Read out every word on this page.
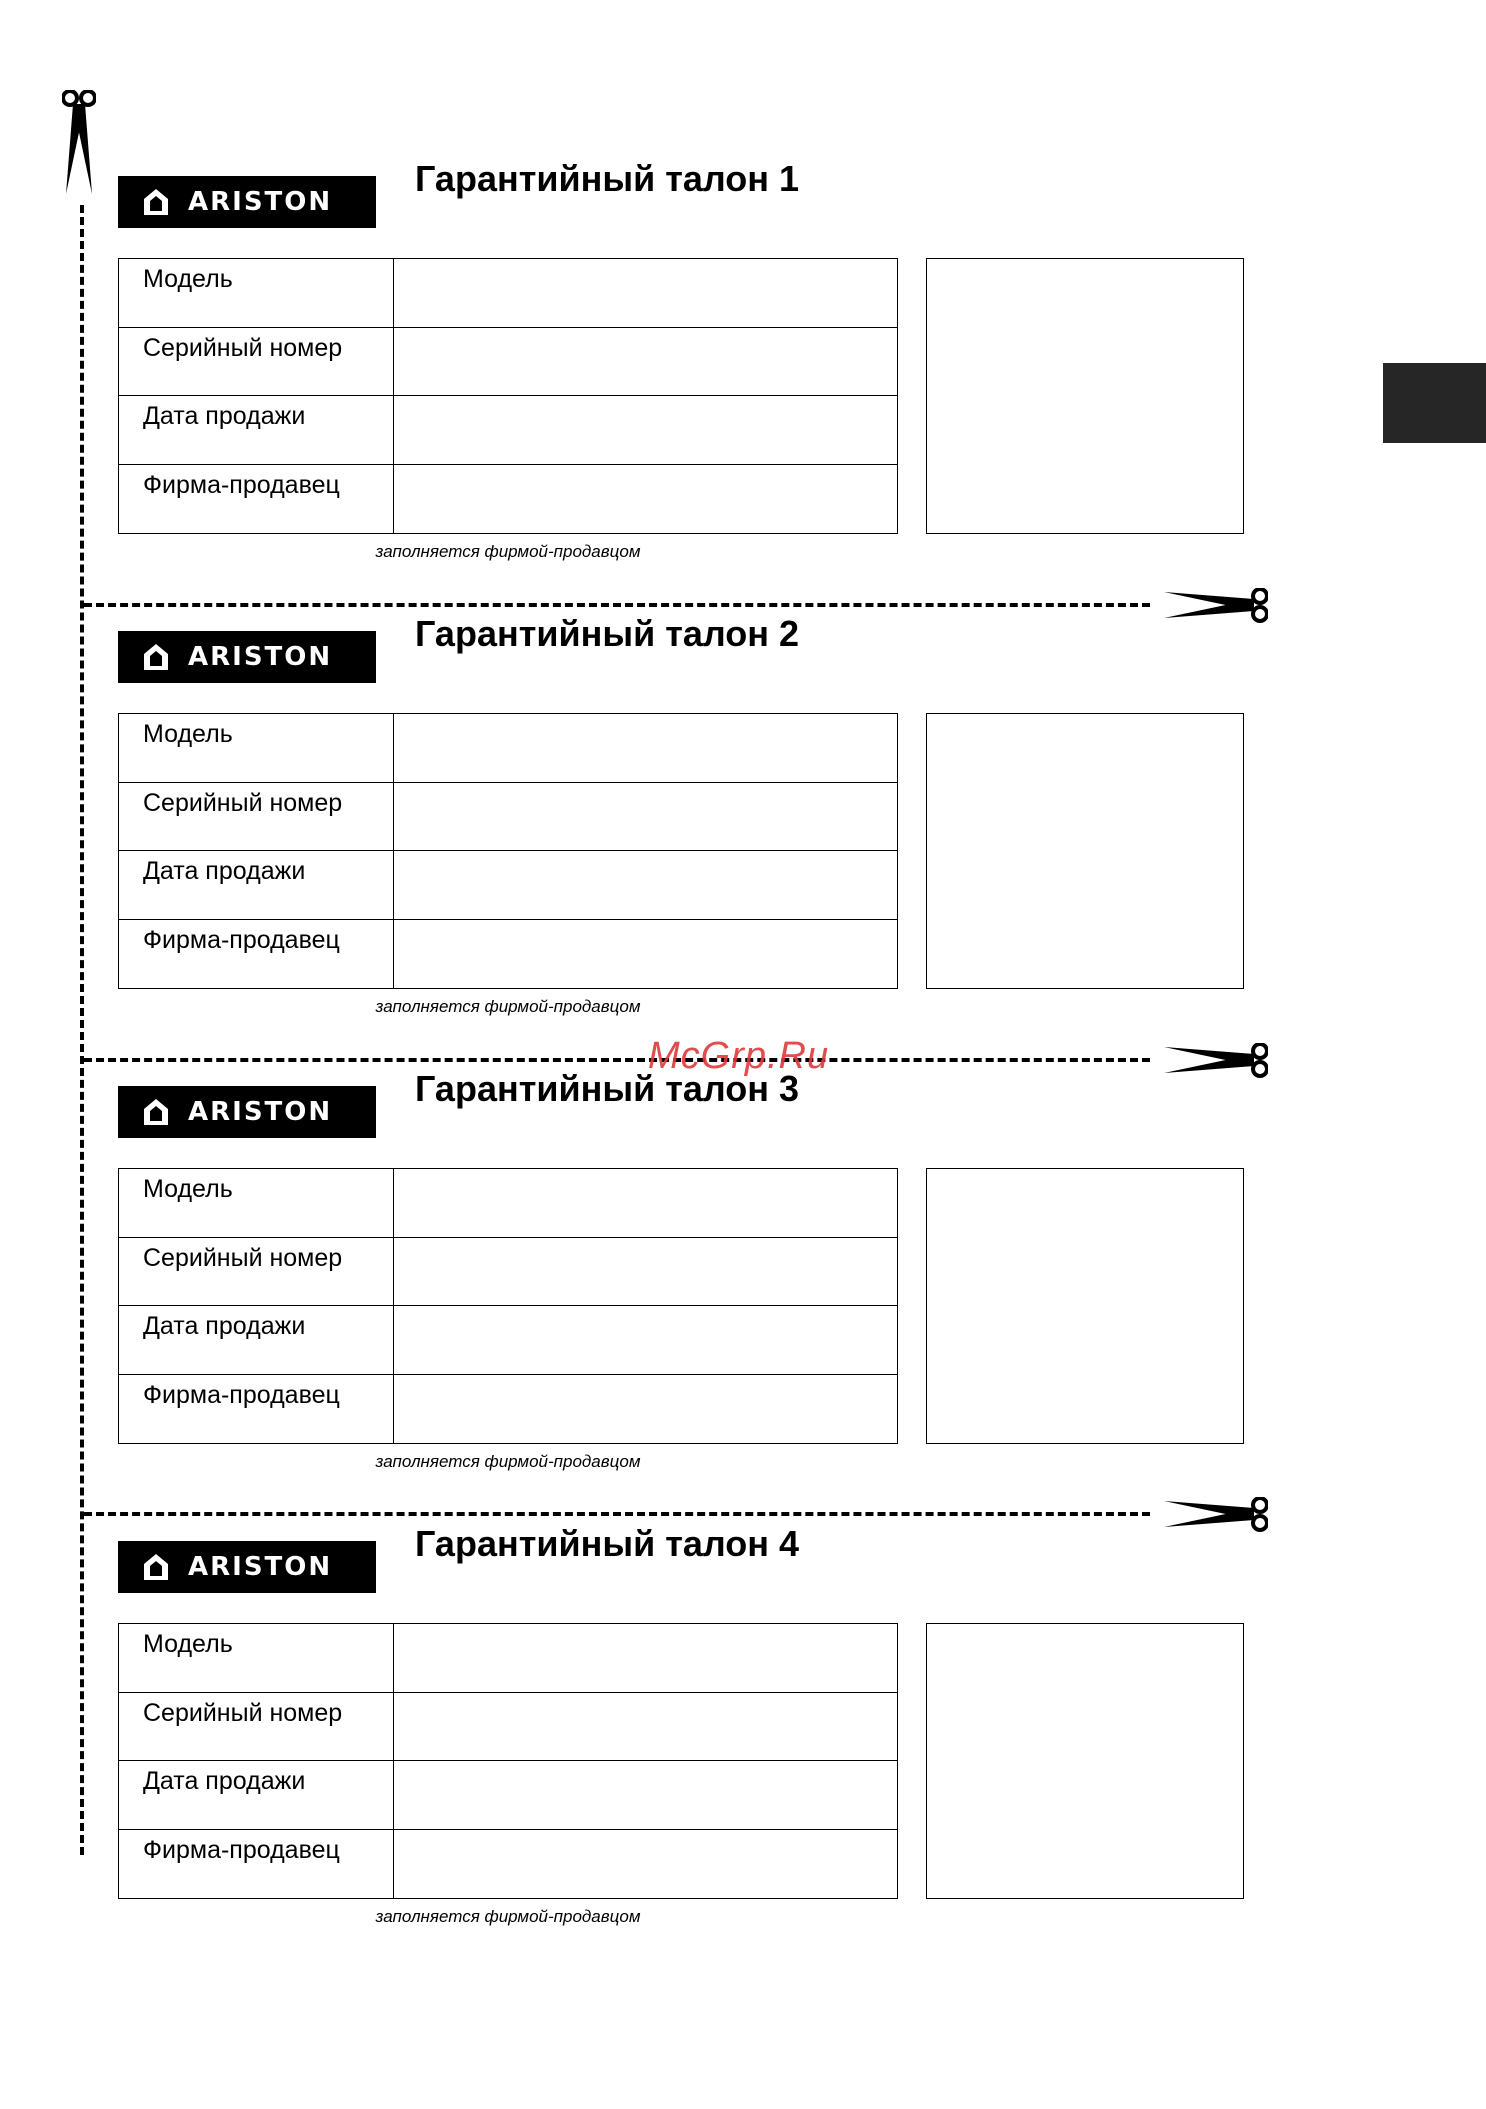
McGrp.Ru
ARISTON
Гарантийный талон 1
Модель
Серийный номер
Дата продажи
Фирма-продавец
заполняется фирмой-продавцом
ARISTON
Гарантийный талон 2
Модель
Серийный номер
Дата продажи
Фирма-продавец
заполняется фирмой-продавцом
ARISTON
Гарантийный талон 3
Модель
Серийный номер
Дата продажи
Фирма-продавец
заполняется фирмой-продавцом
ARISTON
Гарантийный талон 4
Модель
Серийный номер
Дата продажи
Фирма-продавец
заполняется фирмой-продавцом
